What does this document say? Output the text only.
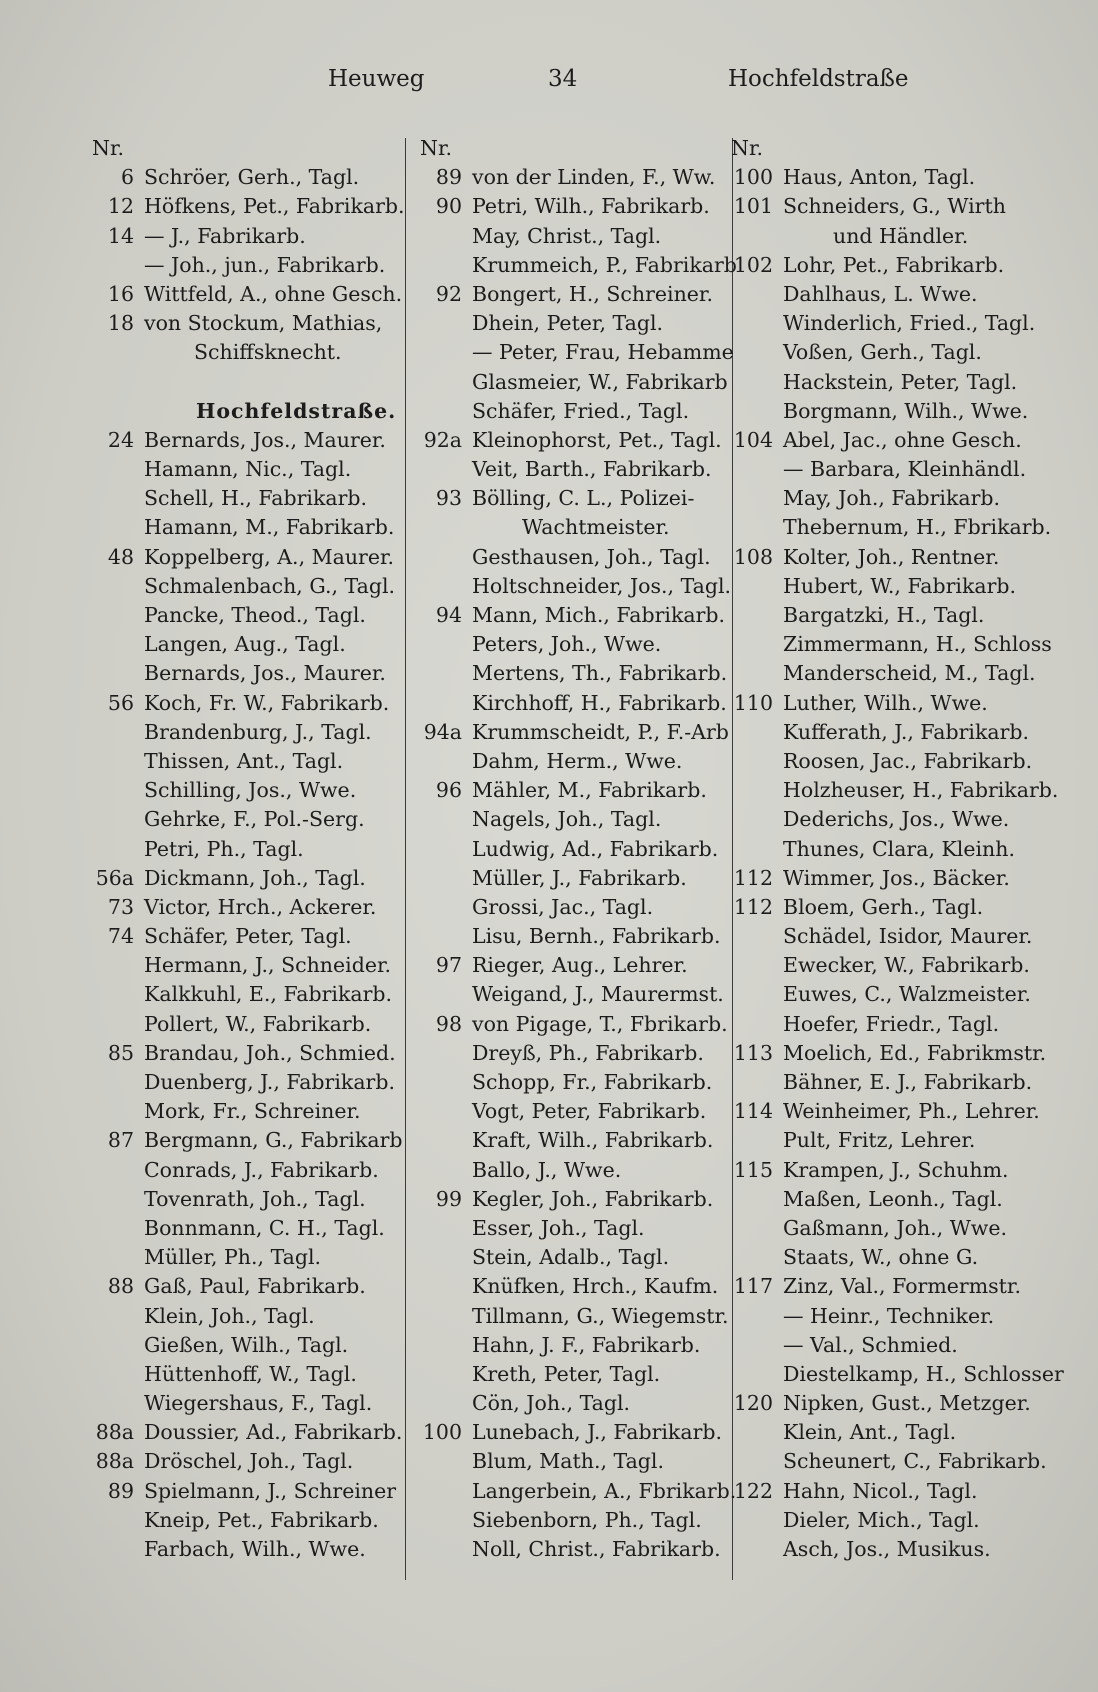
Heuweg	34	Hochfeldstraße
Nr.
6 Schröer, Gerh., Tagl.
12 Höfkens, Pet., Fabrikarb.
14 — J., Fabrikarb.
— Joh., jun., Fabrikarb.
16 Wittfeld, A., ohne Gesch.
18 von Stockum, Mathias,
Schiffsknecht.
Hochfeldstraße.
24 Bernards, Jos., Maurer.
Hamann, Nic., Tagl.
Schell, H., Fabrikarb.
Hamann, M., Fabrikarb.
48 Koppelberg, A., Maurer.
Schmalenbach, G., Tagl.
Pancke, Theod., Tagl.
Langen, Aug., Tagl.
Bernards, Jos., Maurer.
56 Koch, Fr. W., Fabrikarb.
Brandenburg, J., Tagl.
Thissen, Ant., Tagl.
Schilling, Jos., Wwe.
Gehrke, F., Pol.-Serg.
Petri, Ph., Tagl.
56a Dickmann, Joh., Tagl.
73 Victor, Hrch., Ackerer.
74 Schäfer, Peter, Tagl.
Hermann, J., Schneider.
Kalkkuhl, E., Fabrikarb.
Pollert, W., Fabrikarb.
85 Brandau, Joh., Schmied.
Duenberg, J., Fabrikarb.
Mork, Fr., Schreiner.
87 Bergmann, G., Fabrikarb
Conrads, J., Fabrikarb.
Tovenrath, Joh., Tagl.
Bonnmann, C. H., Tagl.
Müller, Ph., Tagl.
88 Gaß, Paul, Fabrikarb.
Klein, Joh., Tagl.
Gießen, Wilh., Tagl.
Hüttenhoff, W., Tagl.
Wiegershaus, F., Tagl.
88a Doussier, Ad., Fabrikarb.
88a Dröschel, Joh., Tagl.
89 Spielmann, J., Schreiner
Kneip, Pet., Fabrikarb.
Farbach, Wilh., Wwe.
Nr.
89 von der Linden, F., Ww.
90 Petri, Wilh., Fabrikarb.
May, Christ., Tagl.
Krummeich, P., Fabrikarb
92 Bongert, H., Schreiner.
Dhein, Peter, Tagl.
— Peter, Frau, Hebamme
Glasmeier, W., Fabrikarb
Schäfer, Fried., Tagl.
92a Kleinophorst, Pet., Tagl.
Veit, Barth., Fabrikarb.
93 Bölling, C. L., Polizei-
Wachtmeister.
Gesthausen, Joh., Tagl.
Holtschneider, Jos., Tagl.
94 Mann, Mich., Fabrikarb.
Peters, Joh., Wwe.
Mertens, Th., Fabrikarb.
Kirchhoff, H., Fabrikarb.
94a Krummscheidt, P., F.-Arb
Dahm, Herm., Wwe.
96 Mähler, M., Fabrikarb.
Nagels, Joh., Tagl.
Ludwig, Ad., Fabrikarb.
Müller, J., Fabrikarb.
Grossi, Jac., Tagl.
Lisu, Bernh., Fabrikarb.
97 Rieger, Aug., Lehrer.
Weigand, J., Maurermst.
98 von Pigage, T., Fbrikarb.
Dreyß, Ph., Fabrikarb.
Schopp, Fr., Fabrikarb.
Vogt, Peter, Fabrikarb.
Kraft, Wilh., Fabrikarb.
Ballo, J., Wwe.
99 Kegler, Joh., Fabrikarb.
Esser, Joh., Tagl.
Stein, Adalb., Tagl.
Knüfken, Hrch., Kaufm.
Tillmann, G., Wiegemstr.
Hahn, J. F., Fabrikarb.
Kreth, Peter, Tagl.
Cön, Joh., Tagl.
100 Lunebach, J., Fabrikarb.
Blum, Math., Tagl.
Langerbein, A., Fbrikarb.
Siebenborn, Ph., Tagl.
Noll, Christ., Fabrikarb.
Nr.
100 Haus, Anton, Tagl.
101 Schneiders, G., Wirth
und Händler.
102 Lohr, Pet., Fabrikarb.
Dahlhaus, L. Wwe.
Winderlich, Fried., Tagl.
Voßen, Gerh., Tagl.
Hackstein, Peter, Tagl.
Borgmann, Wilh., Wwe.
104 Abel, Jac., ohne Gesch.
— Barbara, Kleinhändl.
May, Joh., Fabrikarb.
Thebernum, H., Fbrikarb.
108 Kolter, Joh., Rentner.
Hubert, W., Fabrikarb.
Bargatzki, H., Tagl.
Zimmermann, H., Schloss
Manderscheid, M., Tagl.
110 Luther, Wilh., Wwe.
Kufferath, J., Fabrikarb.
Roosen, Jac., Fabrikarb.
Holzheuser, H., Fabrikarb.
Dederichs, Jos., Wwe.
Thunes, Clara, Kleinh.
112 Wimmer, Jos., Bäcker.
112 Bloem, Gerh., Tagl.
Schädel, Isidor, Maurer.
Ewecker, W., Fabrikarb.
Euwes, C., Walzmeister.
Hoefer, Friedr., Tagl.
113 Moelich, Ed., Fabrikmstr.
Bähner, E. J., Fabrikarb.
114 Weinheimer, Ph., Lehrer.
Pult, Fritz, Lehrer.
115 Krampen, J., Schuhm.
Maßen, Leonh., Tagl.
Gaßmann, Joh., Wwe.
Staats, W., ohne G.
117 Zinz, Val., Formermstr.
— Heinr., Techniker.
— Val., Schmied.
Diestelkamp, H., Schlosser
120 Nipken, Gust., Metzger.
Klein, Ant., Tagl.
Scheunert, C., Fabrikarb.
122 Hahn, Nicol., Tagl.
Dieler, Mich., Tagl.
Asch, Jos., Musikus.
